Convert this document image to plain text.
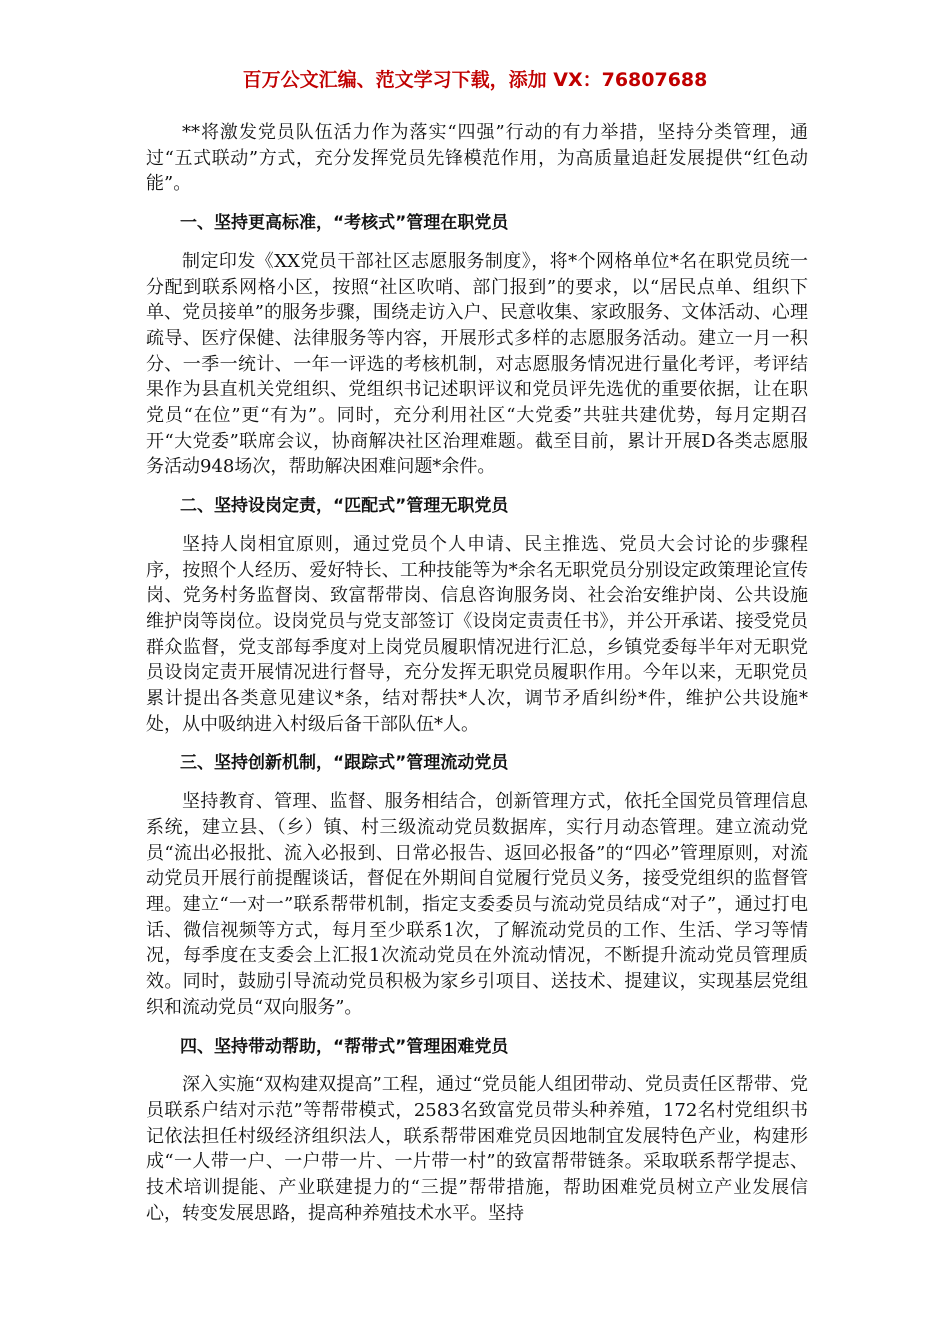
百万公文汇编、范文学习下载，添加 VX：76807688

**将激发党员队伍活力作为落实“四强”行动的有力举措，坚持分类管理，通过“五式联动”方式，充分发挥党员先锋模范作用，为高质量追赶发展提供“红色动能”。

一、坚持更高标准，“考核式”管理在职党员

制定印发《XX党员干部社区志愿服务制度》，将*个网格单位*名在职党员统一分配到联系网格小区，按照“社区吹哨、部门报到”的要求，以“居民点单、组织下单、党员接单”的服务步骤，围绕走访入户、民意收集、家政服务、文体活动、心理疏导、医疗保健、法律服务等内容，开展形式多样的志愿服务活动。建立一月一积分、一季一统计、一年一评选的考核机制，对志愿服务情况进行量化考评，考评结果作为县直机关党组织、党组织书记述职评议和党员评先选优的重要依据，让在职党员“在位”更“有为”。同时，充分利用社区“大党委”共驻共建优势，每月定期召开“大党委”联席会议，协商解决社区治理难题。截至目前，累计开展D各类志愿服务活动948场次，帮助解决困难问题*余件。

二、坚持设岗定责，“匹配式”管理无职党员

坚持人岗相宜原则，通过党员个人申请、民主推选、党员大会讨论的步骤程序，按照个人经历、爱好特长、工种技能等为*余名无职党员分别设定政策理论宣传岗、党务村务监督岗、致富帮带岗、信息咨询服务岗、社会治安维护岗、公共设施维护岗等岗位。设岗党员与党支部签订《设岗定责责任书》，并公开承诺、接受党员群众监督，党支部每季度对上岗党员履职情况进行汇总，乡镇党委每半年对无职党员设岗定责开展情况进行督导，充分发挥无职党员履职作用。今年以来，无职党员累计提出各类意见建议*条，结对帮扶*人次，调节矛盾纠纷*件，维护公共设施*处，从中吸纳进入村级后备干部队伍*人。

三、坚持创新机制，“跟踪式”管理流动党员

坚持教育、管理、监督、服务相结合，创新管理方式，依托全国党员管理信息系统，建立县、（乡）镇、村三级流动党员数据库，实行月动态管理。建立流动党员“流出必报批、流入必报到、日常必报告、返回必报备”的“四必”管理原则，对流动党员开展行前提醒谈话，督促在外期间自觉履行党员义务，接受党组织的监督管理。建立“一对一”联系帮带机制，指定支委委员与流动党员结成“对子”，通过打电话、微信视频等方式，每月至少联系1次，了解流动党员的工作、生活、学习等情况，每季度在支委会上汇报1次流动党员在外流动情况，不断提升流动党员管理质效。同时，鼓励引导流动党员积极为家乡引项目、送技术、提建议，实现基层党组织和流动党员“双向服务”。

四、坚持带动帮助，“帮带式”管理困难党员

深入实施“双构建双提高”工程，通过“党员能人组团带动、党员责任区帮带、党员联系户结对示范”等帮带模式，2583名致富党员带头种养殖，172名村党组织书记依法担任村级经济组织法人，联系帮带困难党员因地制宜发展特色产业，构建形成“一人带一户、一户带一片、一片带一村”的致富帮带链条。采取联系帮学提志、技术培训提能、产业联建提力的“三提”帮带措施，帮助困难党员树立产业发展信心，转变发展思路，提高种养殖技术水平。坚持
